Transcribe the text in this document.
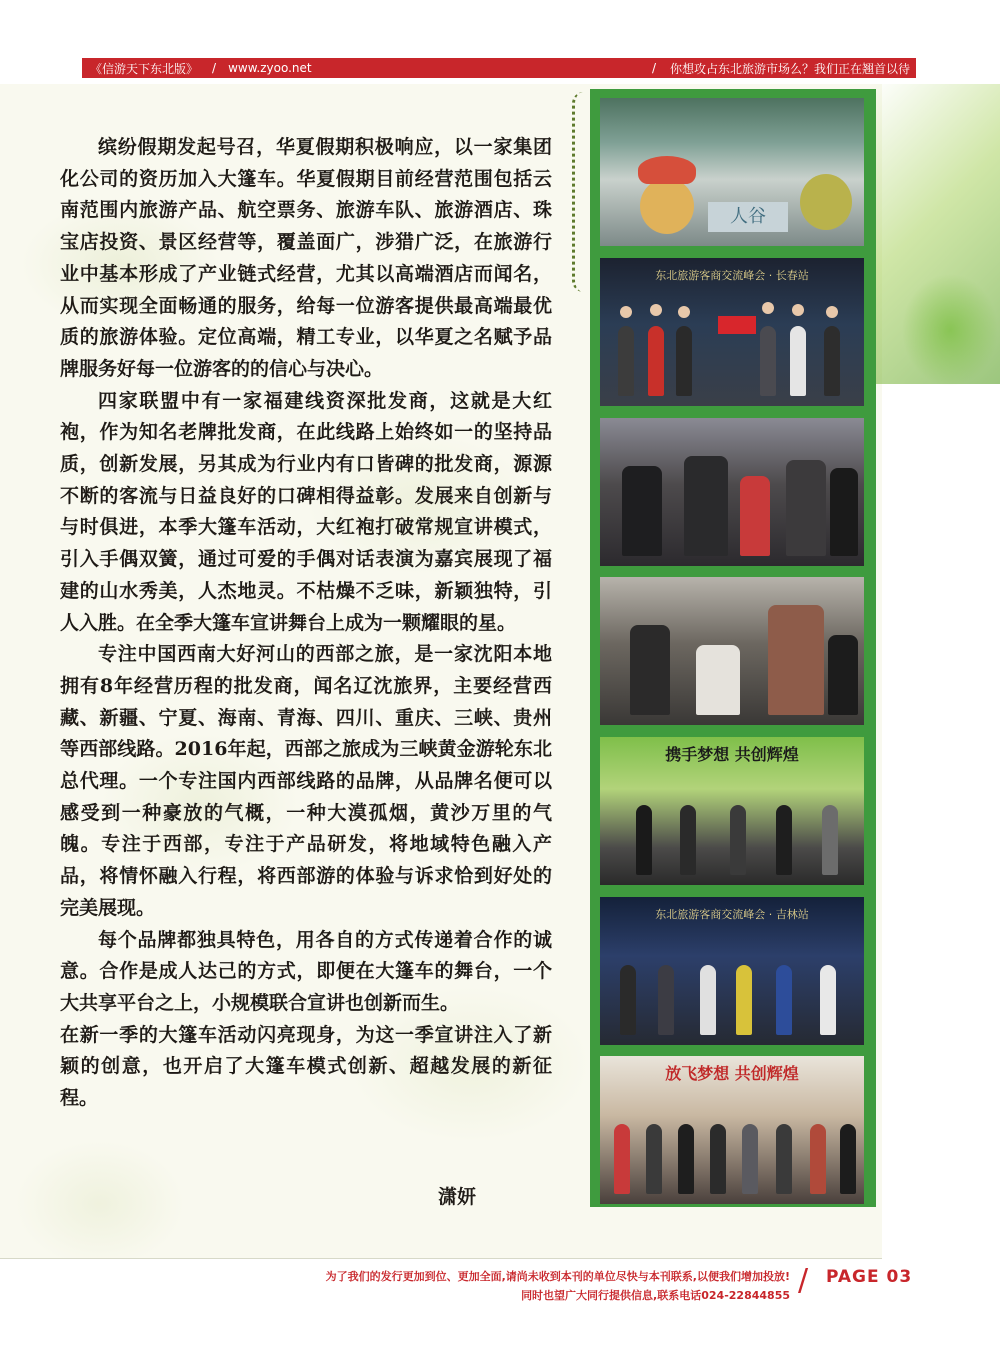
《信游天下东北版》 / www.zyoo.net	/ 你想攻占东北旅游市场么？我们正在翘首以待

缤纷假期发起号召，华夏假期积极响应，以一家集团化公司的资历加入大篷车。华夏假期目前经营范围包括云南范围内旅游产品、航空票务、旅游车队、旅游酒店、珠宝店投资、景区经营等，覆盖面广，涉猎广泛，在旅游行业中基本形成了产业链式经营，尤其以高端酒店而闻名，从而实现全面畅通的服务，给每一位游客提供最高端最优质的旅游体验。定位高端，精工专业，以华夏之名赋予品牌服务好每一位游客的的信心与决心。

四家联盟中有一家福建线资深批发商，这就是大红袍，作为知名老牌批发商，在此线路上始终如一的坚持品质，创新发展，另其成为行业内有口皆碑的批发商，源源不断的客流与日益良好的口碑相得益彰。发展来自创新与与时俱进，本季大篷车活动，大红袍打破常规宣讲模式，引入手偶双簧，通过可爱的手偶对话表演为嘉宾展现了福建的山水秀美，人杰地灵。不枯燥不乏味，新颖独特，引人入胜。在全季大篷车宣讲舞台上成为一颗耀眼的星。

专注中国西南大好河山的西部之旅，是一家沈阳本地拥有8年经营历程的批发商，闻名辽沈旅界，主要经营西藏、新疆、宁夏、海南、青海、四川、重庆、三峡、贵州等西部线路。2016年起，西部之旅成为三峡黄金游轮东北总代理。一个专注国内西部线路的品牌，从品牌名便可以感受到一种豪放的气概，一种大漠孤烟，黄沙万里的气魄。专注于西部，专注于产品研发，将地域特色融入产品，将情怀融入行程，将西部游的体验与诉求恰到好处的完美展现。

每个品牌都独具特色，用各自的方式传递着合作的诚意。合作是成人达己的方式，即便在大篷车的舞台，一个大共享平台之上，小规模联合宣讲也创新而生。

在新一季的大篷车活动闪亮现身，为这一季宣讲注入了新颖的创意，也开启了大篷车模式创新、超越发展的新征程。

潇妍
人谷
东北旅游客商交流峰会 · 长春站
携手梦想 共创辉煌
东北旅游客商交流峰会 · 吉林站
放飞梦想 共创辉煌
为了我们的发行更加到位、更加全面,请尚未收到本刊的单位尽快与本刊联系,以便我们增加投放!
同时也望广大同行提供信息,联系电话024-22844855 / PAGE 03
